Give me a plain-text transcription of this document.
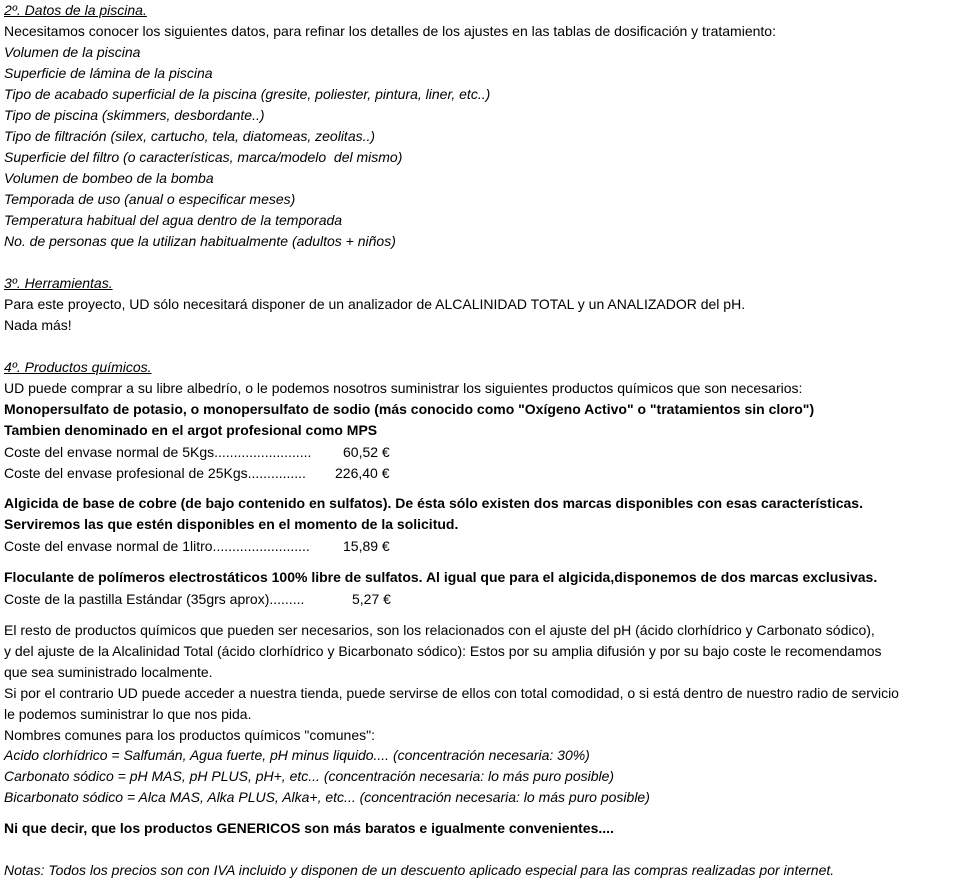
2º. Datos de la piscina.
Necesitamos conocer los siguientes datos, para refinar los detalles de los ajustes en las tablas de dosificación y tratamiento:
Volumen de la piscina
Superficie de lámina de la piscina
Tipo de acabado superficial de la piscina (gresite, poliester, pintura, liner, etc..)
Tipo de piscina (skimmers, desbordante..)
Tipo de filtración (silex, cartucho, tela, diatomeas, zeolitas..)
Superficie del filtro (o características, marca/modelo  del mismo)
Volumen de bombeo de la bomba
Temporada de uso (anual o especificar meses)
Temperatura habitual del agua dentro de la temporada
No. de personas que la utilizan habitualmente (adultos + niños)
3º. Herramientas.
Para este proyecto, UD sólo necesitará disponer de un analizador de ALCALINIDAD TOTAL y un ANALIZADOR del pH.
Nada más!
4º. Productos químicos.
UD puede comprar a su libre albedrío, o le podemos nosotros suministrar los siguientes productos químicos que son necesarios:
Monopersulfato de potasio, o monopersulfato de sodio (más conocido como "Oxígeno Activo" o "tratamientos sin cloro")
Tambien denominado en el argot profesional como MPS
Coste del envase normal de 5Kgs......................... 60,52 €
Coste del envase profesional de 25Kgs............... 226,40 €
Algicida de base de cobre (de bajo contenido en sulfatos). De ésta sólo existen dos marcas disponibles con esas características.
Serviremos las que estén disponibles en el momento de la solicitud.
Coste del envase normal de 1litro......................... 15,89 €
Floculante de polímeros electrostáticos 100% libre de sulfatos. Al igual que para el algicida,disponemos de dos marcas exclusivas.
Coste de la pastilla Estándar (35grs aprox).........	5,27 €
El resto de productos químicos que pueden ser necesarios, son los relacionados con el ajuste del pH (ácido clorhídrico y Carbonato sódico),
y del ajuste de la Alcalinidad Total (ácido clorhídrico y Bicarbonato sódico): Estos por su amplia difusión y por su bajo coste le recomendamos
que sea suministrado localmente.
Si por el contrario UD puede acceder a nuestra tienda, puede servirse de ellos con total comodidad, o si está dentro de nuestro radio de servicio
le podemos suministrar lo que nos pida.
Nombres comunes para los productos químicos "comunes":
Acido clorhídrico = Salfumán, Agua fuerte, pH minus liquido.... (concentración necesaria: 30%)
Carbonato sódico = pH MAS, pH PLUS, pH+, etc... (concentración necesaria: lo más puro posible)
Bicarbonato sódico = Alca MAS, Alka PLUS, Alka+, etc... (concentración necesaria: lo más puro posible)
Ni que decir, que los productos GENERICOS son más baratos e igualmente convenientes....
Notas: Todos los precios son con IVA incluido y disponen de un descuento aplicado especial para las compras realizadas por internet.
